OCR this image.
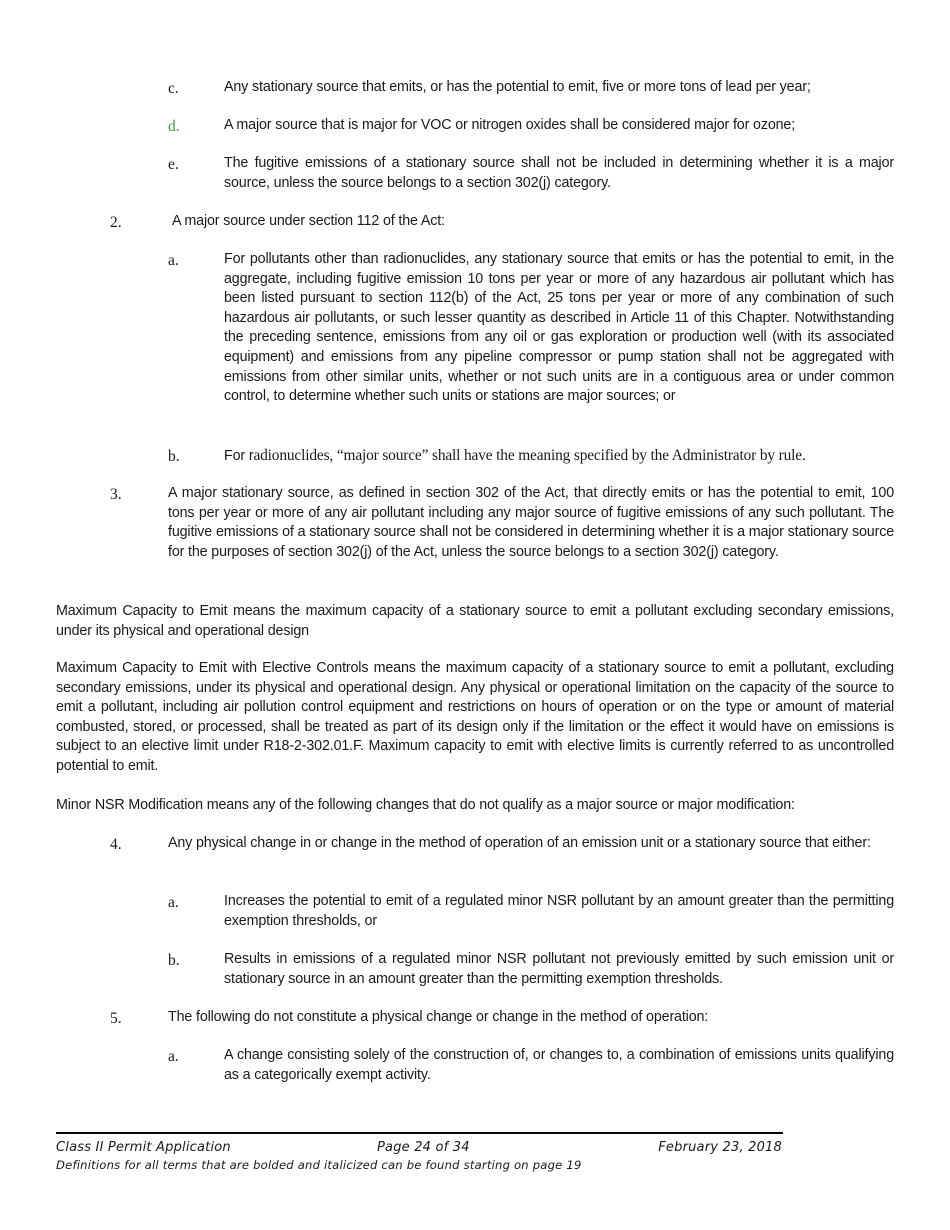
c.	Any stationary source that emits, or has the potential to emit, five or more tons of lead per year;
d.	A major source that is major for VOC or nitrogen oxides shall be considered major for ozone;
e.	The fugitive emissions of a stationary source shall not be included in determining whether it is a major source, unless the source belongs to a section 302(j) category.
2.	A major source under section 112 of the Act:
a.	For pollutants other than radionuclides, any stationary source that emits or has the potential to emit, in the aggregate, including fugitive emission 10 tons per year or more of any hazardous air pollutant which has been listed pursuant to section 112(b) of the Act, 25 tons per year or more of any combination of such hazardous air pollutants, or such lesser quantity as described in Article 11 of this Chapter. Notwithstanding the preceding sentence, emissions from any oil or gas exploration or production well (with its associated equipment) and emissions from any pipeline compressor or pump station shall not be aggregated with emissions from other similar units, whether or not such units are in a contiguous area or under common control, to determine whether such units or stations are major sources; or
b.	For radionuclides, “major source” shall have the meaning specified by the Administrator by rule.
3.	A major stationary source, as defined in section 302 of the Act, that directly emits or has the potential to emit, 100 tons per year or more of any air pollutant including any major source of fugitive emissions of any such pollutant. The fugitive emissions of a stationary source shall not be considered in determining whether it is a major stationary source for the purposes of section 302(j) of the Act, unless the source belongs to a section 302(j) category.
Maximum Capacity to Emit means the maximum capacity of a stationary source to emit a pollutant excluding secondary emissions, under its physical and operational design
Maximum Capacity to Emit with Elective Controls means the maximum capacity of a stationary source to emit a pollutant, excluding secondary emissions, under its physical and operational design. Any physical or operational limitation on the capacity of the source to emit a pollutant, including air pollution control equipment and restrictions on hours of operation or on the type or amount of material combusted, stored, or processed, shall be treated as part of its design only if the limitation or the effect it would have on emissions is subject to an elective limit under R18-2-302.01.F. Maximum capacity to emit with elective limits is currently referred to as uncontrolled potential to emit.
Minor NSR Modification means any of the following changes that do not qualify as a major source or major modification:
4.	Any physical change in or change in the method of operation of an emission unit or a stationary source that either:
a.	Increases the potential to emit of a regulated minor NSR pollutant by an amount greater than the permitting exemption thresholds, or
b.	Results in emissions of a regulated minor NSR pollutant not previously emitted by such emission unit or stationary source in an amount greater than the permitting exemption thresholds.
5.	The following do not constitute a physical change or change in the method of operation:
a.	A change consisting solely of the construction of, or changes to, a combination of emissions units qualifying as a categorically exempt activity.
Class II Permit Application	Page 24 of 34	February 23, 2018
Definitions for all terms that are bolded and italicized can be found starting on page 19
